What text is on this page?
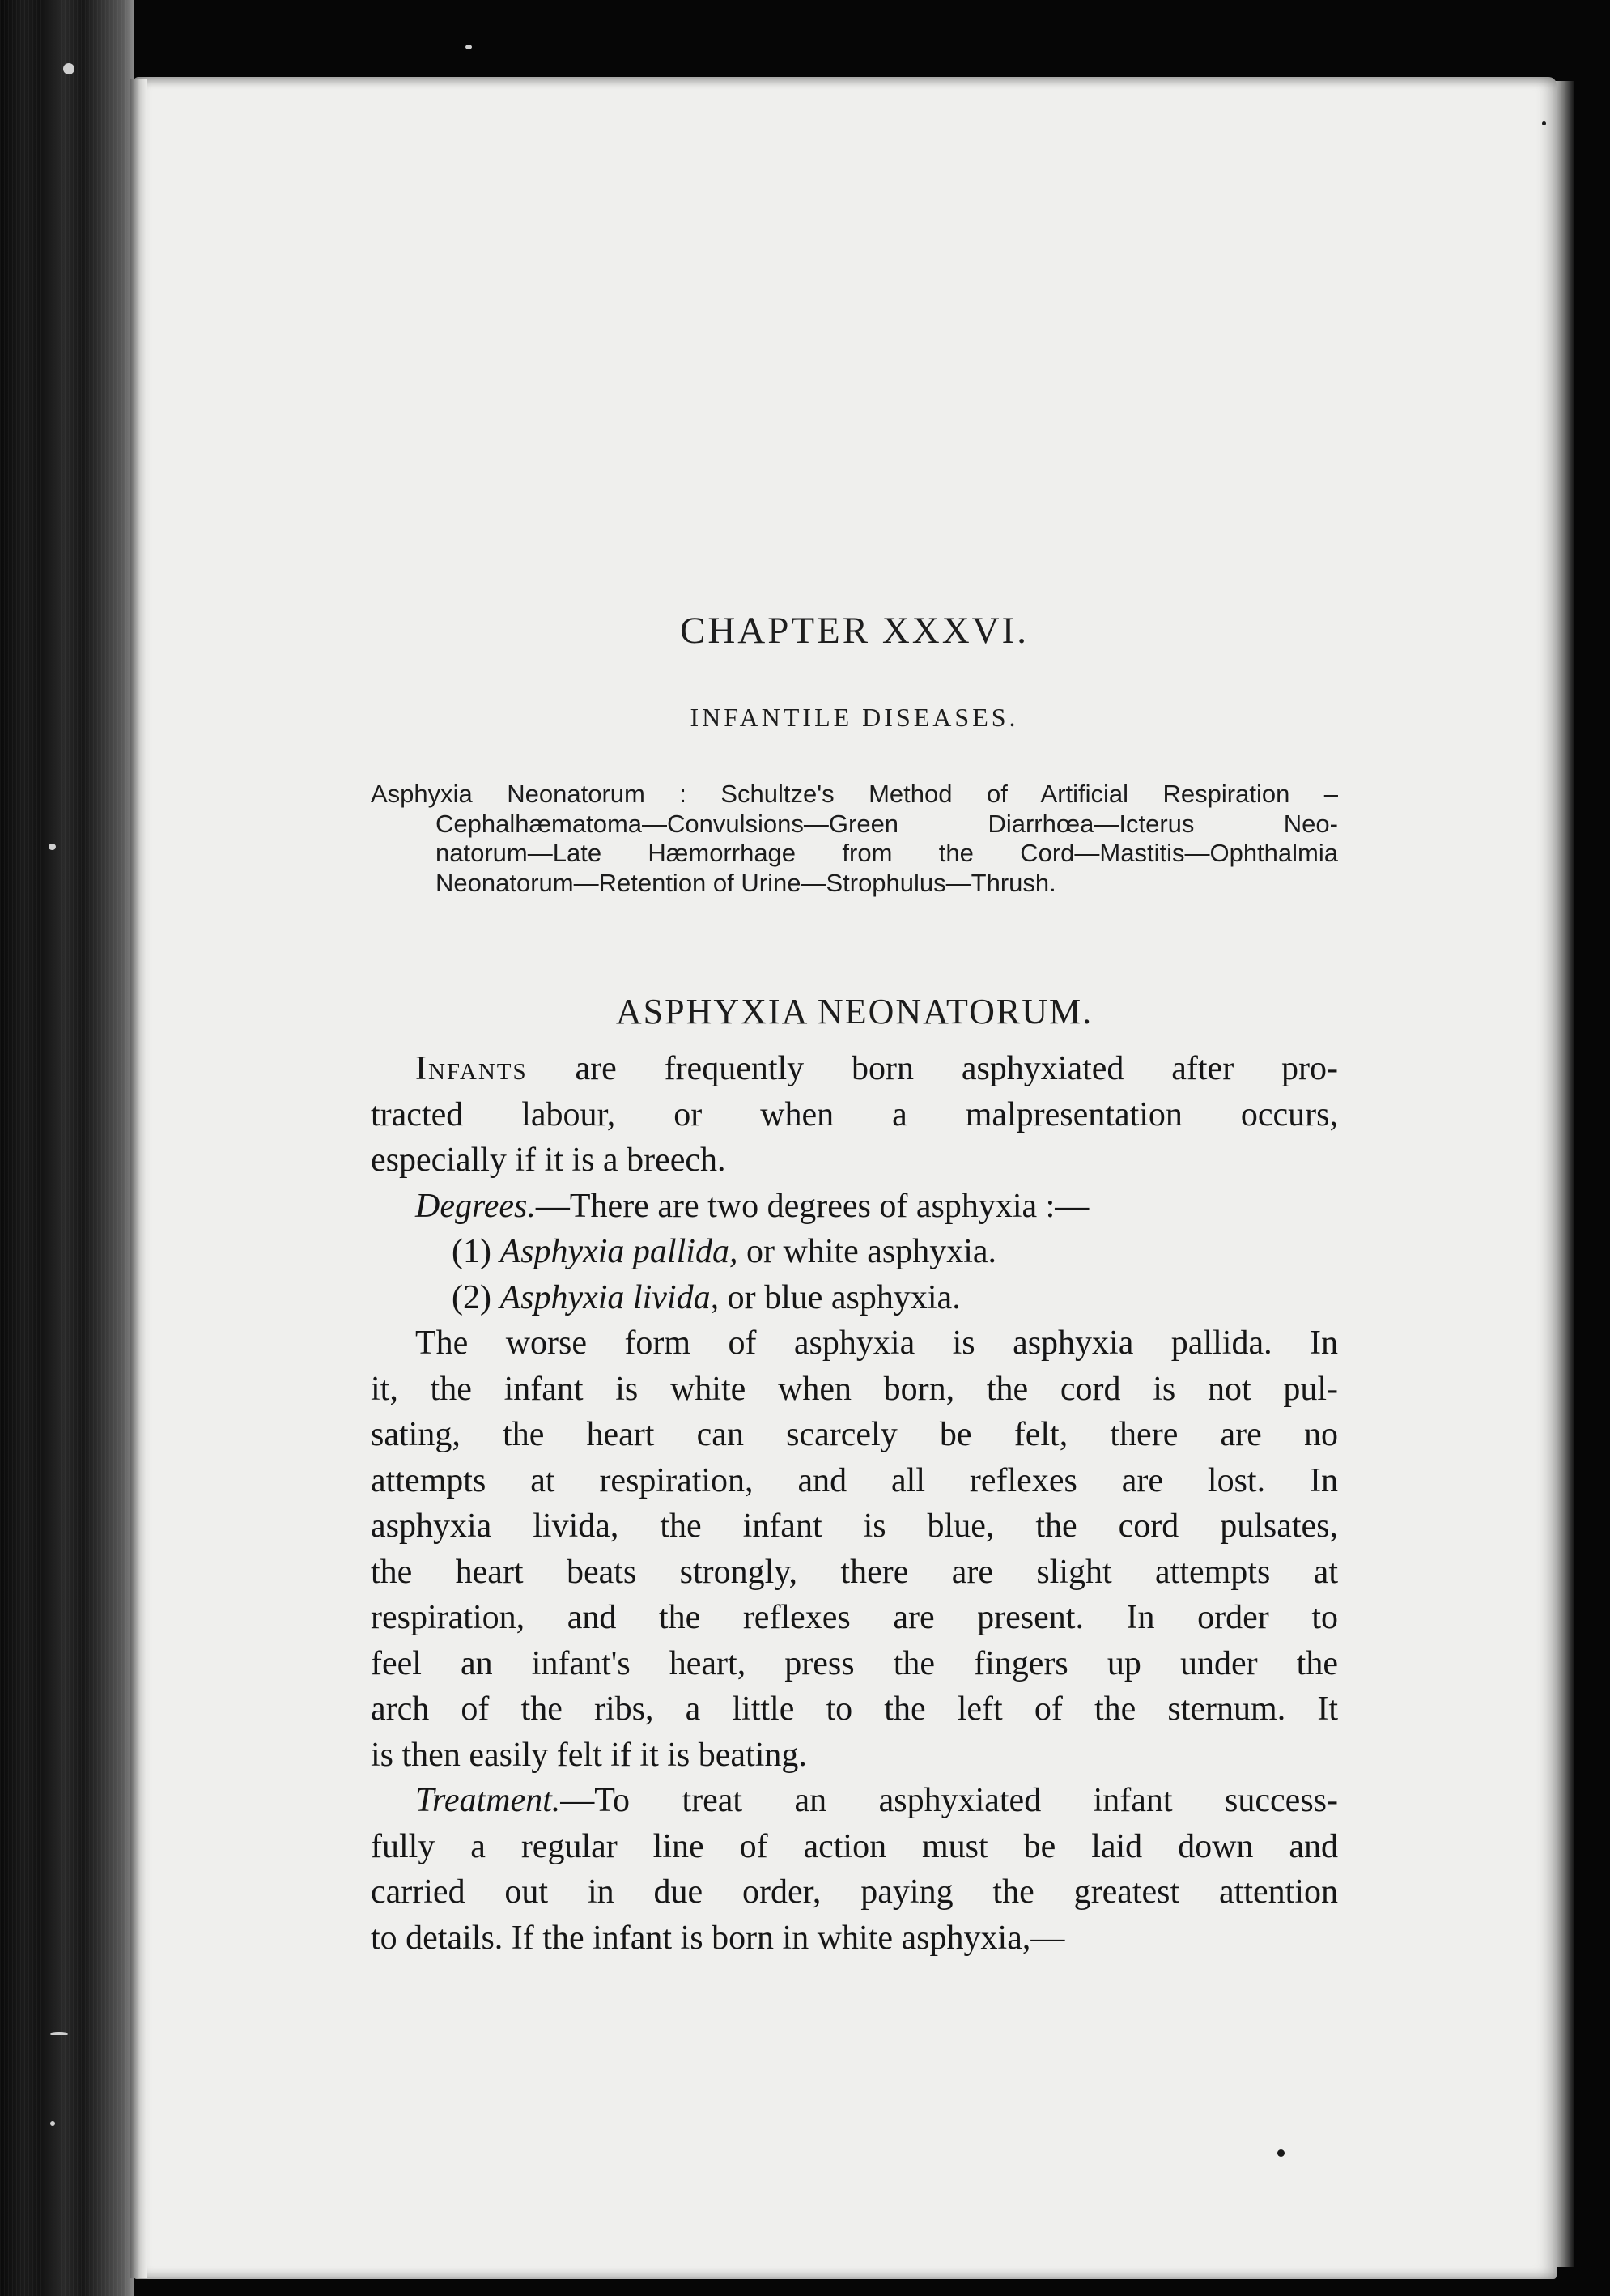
CHAPTER XXXVI.
INFANTILE DISEASES.
Asphyxia Neonatorum : Schultze's Method of Artificial Respiration –
Cephalhæmatoma—Convulsions—Green Diarrhœa—Icterus Neo-
natorum—Late Hæmorrhage from the Cord—Mastitis—Ophthalmia
Neonatorum—Retention of Urine—Strophulus—Thrush.
ASPHYXIA NEONATORUM.
Infants are frequently born asphyxiated after pro-
tracted labour, or when a malpresentation occurs,
especially if it is a breech.
Degrees.—There are two degrees of asphyxia :—
(1) Asphyxia pallida, or white asphyxia.
(2) Asphyxia livida, or blue asphyxia.
The worse form of asphyxia is asphyxia pallida. In
it, the infant is white when born, the cord is not pul-
sating, the heart can scarcely be felt, there are no
attempts at respiration, and all reflexes are lost. In
asphyxia livida, the infant is blue, the cord pulsates,
the heart beats strongly, there are slight attempts at
respiration, and the reflexes are present. In order to
feel an infant's heart, press the fingers up under the
arch of the ribs, a little to the left of the sternum. It
is then easily felt if it is beating.
Treatment.—To treat an asphyxiated infant success-
fully a regular line of action must be laid down and
carried out in due order, paying the greatest attention
to details. If the infant is born in white asphyxia,—
